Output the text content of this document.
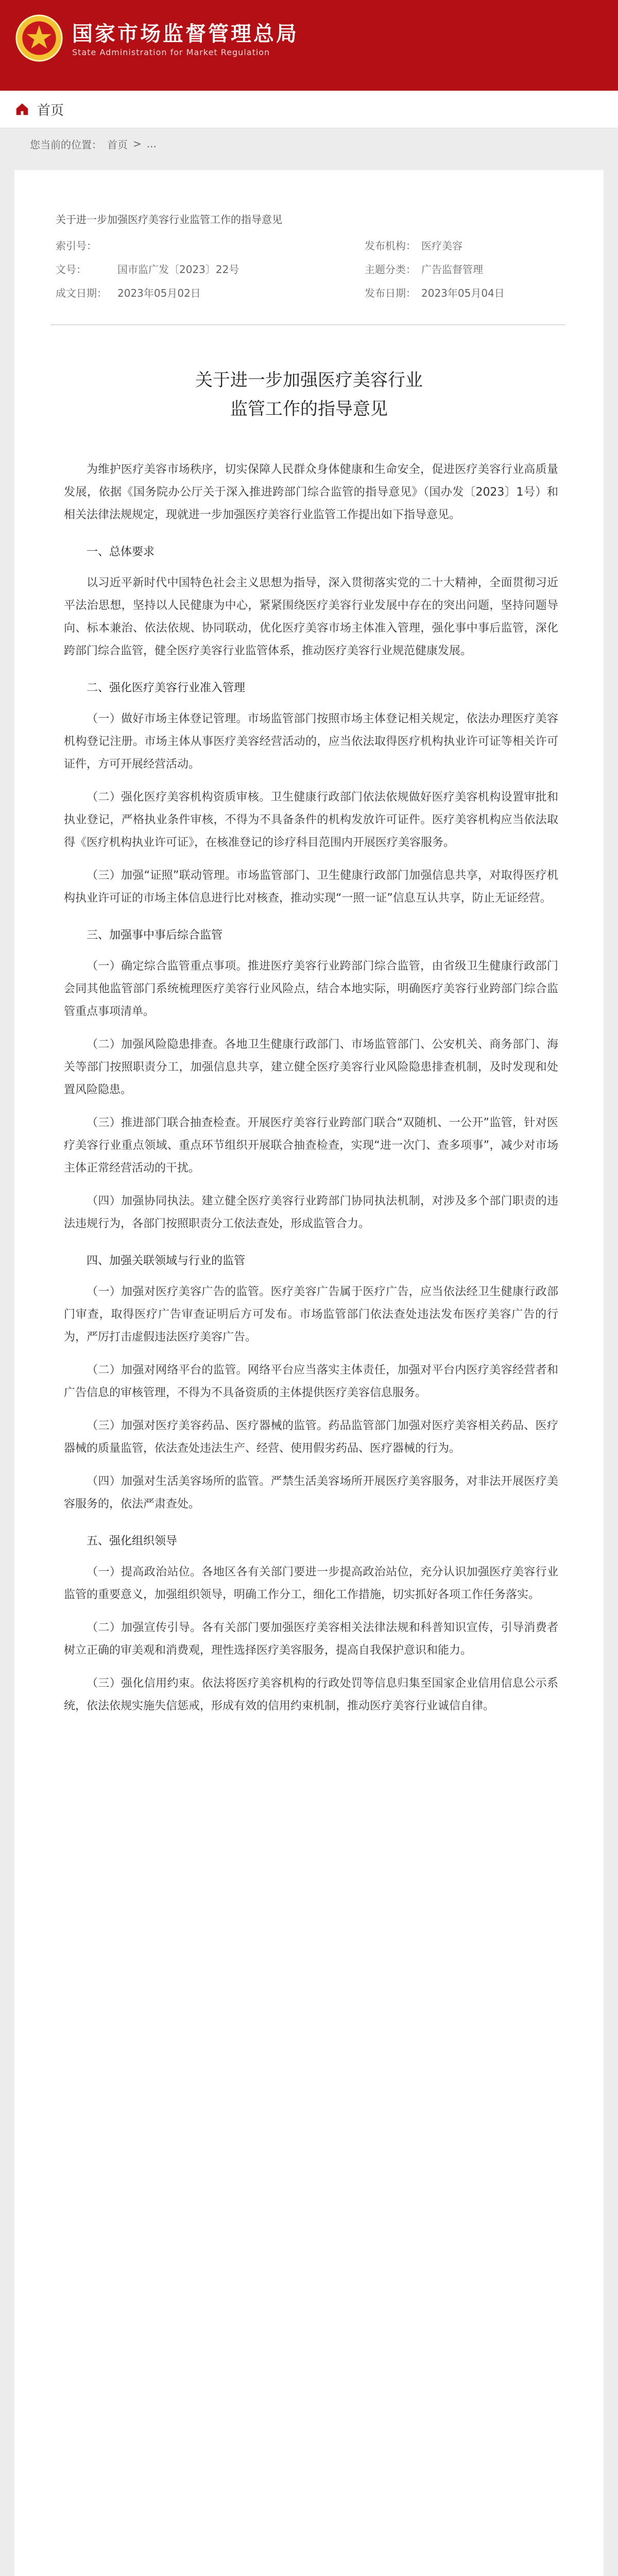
国家市场监督管理总局
State Administration for Market Regulation
首页
您当前的位置： 首页 > ...
关于进一步加强医疗美容行业监管工作的指导意见
索引号：	发布机构： 医疗美容
文号：	国市监广发〔2023〕22号	主题分类： 广告监督管理
成文日期：	2023年05月02日	发布日期： 2023年05月04日
关于进一步加强医疗美容行业
监管工作的指导意见

为维护医疗美容市场秩序，切实保障人民群众身体健康和生命安全，促进医疗美容行业高质量发展，依据《国务院办公厅关于深入推进跨部门综合监管的指导意见》（国办发〔2023〕1号）和相关法律法规规定，现就进一步加强医疗美容行业监管工作提出如下指导意见。

一、总体要求

以习近平新时代中国特色社会主义思想为指导，深入贯彻落实党的二十大精神，全面贯彻习近平法治思想，坚持以人民健康为中心，紧紧围绕医疗美容行业发展中存在的突出问题，坚持问题导向、标本兼治、依法依规、协同联动，优化医疗美容市场主体准入管理，强化事中事后监管，深化跨部门综合监管，健全医疗美容行业监管体系，推动医疗美容行业规范健康发展。

二、强化医疗美容行业准入管理

（一）做好市场主体登记管理。市场监管部门按照市场主体登记相关规定，依法办理医疗美容机构登记注册。市场主体从事医疗美容经营活动的，应当依法取得医疗机构执业许可证等相关许可证件，方可开展经营活动。

（二）强化医疗美容机构资质审核。卫生健康行政部门依法依规做好医疗美容机构设置审批和执业登记，严格执业条件审核，不得为不具备条件的机构发放许可证件。医疗美容机构应当依法取得《医疗机构执业许可证》，在核准登记的诊疗科目范围内开展医疗美容服务。

（三）加强“证照”联动管理。市场监管部门、卫生健康行政部门加强信息共享，对取得医疗机构执业许可证的市场主体信息进行比对核查，推动实现“一照一证”信息互认共享，防止无证经营。

三、加强事中事后综合监管

（一）确定综合监管重点事项。推进医疗美容行业跨部门综合监管，由省级卫生健康行政部门会同其他监管部门系统梳理医疗美容行业风险点，结合本地实际，明确医疗美容行业跨部门综合监管重点事项清单。

（二）加强风险隐患排查。各地卫生健康行政部门、市场监管部门、公安机关、商务部门、海关等部门按照职责分工，加强信息共享，建立健全医疗美容行业风险隐患排查机制，及时发现和处置风险隐患。

（三）推进部门联合抽查检查。开展医疗美容行业跨部门联合“双随机、一公开”监管，针对医疗美容行业重点领域、重点环节组织开展联合抽查检查，实现“进一次门、查多项事”，减少对市场主体正常经营活动的干扰。

（四）加强协同执法。建立健全医疗美容行业跨部门协同执法机制，对涉及多个部门职责的违法违规行为，各部门按照职责分工依法查处，形成监管合力。

四、加强关联领域与行业的监管

（一）加强对医疗美容广告的监管。医疗美容广告属于医疗广告，应当依法经卫生健康行政部门审查，取得医疗广告审查证明后方可发布。市场监管部门依法查处违法发布医疗美容广告的行为，严厉打击虚假违法医疗美容广告。

（二）加强对网络平台的监管。网络平台应当落实主体责任，加强对平台内医疗美容经营者和广告信息的审核管理，不得为不具备资质的主体提供医疗美容信息服务。

（三）加强对医疗美容药品、医疗器械的监管。药品监管部门加强对医疗美容相关药品、医疗器械的质量监管，依法查处违法生产、经营、使用假劣药品、医疗器械的行为。

（四）加强对生活美容场所的监管。严禁生活美容场所开展医疗美容服务，对非法开展医疗美容服务的，依法严肃查处。

五、强化组织领导

（一）提高政治站位。各地区各有关部门要进一步提高政治站位，充分认识加强医疗美容行业监管的重要意义，加强组织领导，明确工作分工，细化工作措施，切实抓好各项工作任务落实。

（二）加强宣传引导。各有关部门要加强医疗美容相关法律法规和科普知识宣传，引导消费者树立正确的审美观和消费观，理性选择医疗美容服务，提高自我保护意识和能力。

（三）强化信用约束。依法将医疗美容机构的行政处罚等信息归集至国家企业信用信息公示系统，依法依规实施失信惩戒，形成有效的信用约束机制，推动医疗美容行业诚信自律。
